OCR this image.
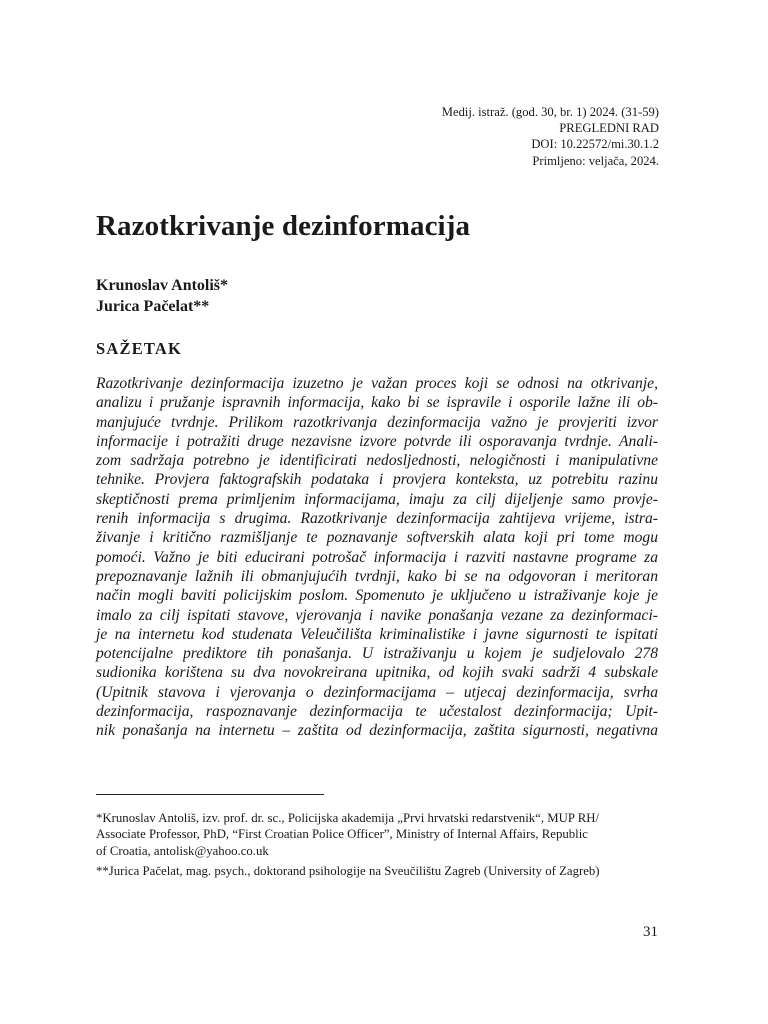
Medij. istraž. (god. 30, br. 1) 2024. (31-59)
PREGLEDNI RAD
DOI: 10.22572/mi.30.1.2
Primljeno: veljača, 2024.
Razotkrivanje dezinformacija
Krunoslav Antoliš*
Jurica Pačelat**
SAŽETAK
Razotkrivanje dezinformacija izuzetno je važan proces koji se odnosi na otkrivanje,
analizu i pružanje ispravnih informacija, kako bi se ispravile i osporile lažne ili ob-
manjujuće tvrdnje. Prilikom razotkrivanja dezinformacija važno je provjeriti izvor
informacije i potražiti druge nezavisne izvore potvrde ili osporavanja tvrdnje. Anali-
zom sadržaja potrebno je identificirati nedosljednosti, nelogičnosti i manipulativne
tehnike. Provjera faktografskih podataka i provjera konteksta, uz potrebitu razinu
skeptičnosti prema primljenim informacijama, imaju za cilj dijeljenje samo provje-
renih informacija s drugima. Razotkrivanje dezinformacija zahtijeva vrijeme, istra-
živanje i kritično razmišljanje te poznavanje softverskih alata koji pri tome mogu
pomoći. Važno je biti educirani potrošač informacija i razviti nastavne programe za
prepoznavanje lažnih ili obmanjujućih tvrdnji, kako bi se na odgovoran i meritoran
način mogli baviti policijskim poslom. Spomenuto je uključeno u istraživanje koje je
imalo za cilj ispitati stavove, vjerovanja i navike ponašanja vezane za dezinformaci-
je na internetu kod studenata Veleučilišta kriminalistike i javne sigurnosti te ispitati
potencijalne prediktore tih ponašanja. U istraživanju u kojem je sudjelovalo 278
sudionika korištena su dva novokreirana upitnika, od kojih svaki sadrži 4 subskale
(Upitnik stavova i vjerovanja o dezinformacijama – utjecaj dezinformacija, svrha
dezinformacija, raspoznavanje dezinformacija te učestalost dezinformacija; Upit-
nik ponašanja na internetu – zaštita od dezinformacija, zaštita sigurnosti, negativna

*Krunoslav Antoliš, izv. prof. dr. sc., Policijska akademija „Prvi hrvatski redarstvenik“, MUP RH/
Associate Professor, PhD, “First Croatian Police Officer”, Ministry of Internal Affairs, Republic
of Croatia, antolisk@yahoo.co.uk

**Jurica Pačelat, mag. psych., doktorand psihologije na Sveučilištu Zagreb (University of Zagreb)

31
